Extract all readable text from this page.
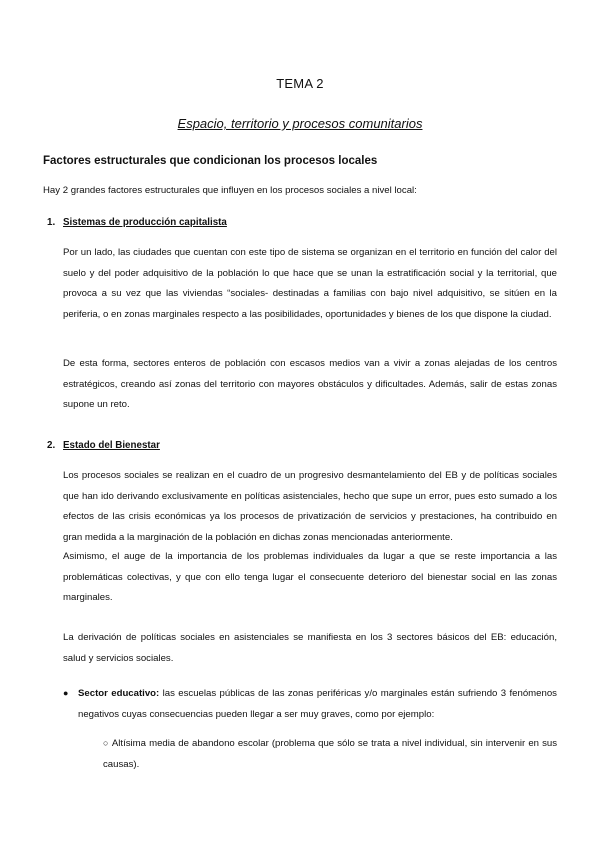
TEMA 2
Espacio, territorio y procesos comunitarios
Factores estructurales que condicionan los procesos locales
Hay 2 grandes factores estructurales que influyen en los procesos sociales a nivel local:
1. Sistemas de producción capitalista
Por un lado, las ciudades que cuentan con este tipo de sistema se organizan en el territorio en función del calor del suelo y del poder adquisitivo de la población lo que hace que se unan la estratificación social y la territorial, que provoca a su vez que las viviendas “sociales- destinadas a familias con bajo nivel adquisitivo, se sitúen en la periferia, o en zonas marginales respecto a las posibilidades, oportunidades y bienes de los que dispone la ciudad.
De esta forma, sectores enteros de población con escasos medios van a vivir a zonas alejadas de los centros estratégicos, creando así zonas del territorio con mayores obstáculos y dificultades. Además, salir de estas zonas supone un reto.
2. Estado del Bienestar
Los procesos sociales se realizan en el cuadro de un progresivo desmantelamiento del EB y de políticas sociales que han ido derivando exclusivamente en políticas asistenciales, hecho que supe un error, pues esto sumado a los efectos de las crisis económicas ya los procesos de privatización de servicios y prestaciones, ha contribuido en gran medida a la marginación de la población en dichas zonas mencionadas anteriormente.
Asimismo, el auge de la importancia de los problemas individuales da lugar a que se reste importancia a las problemáticas colectivas, y que con ello tenga lugar el consecuente deterioro del bienestar social en las zonas marginales.
La derivación de políticas sociales en asistenciales se manifiesta en los 3 sectores básicos del EB: educación, salud y servicios sociales.
● Sector educativo: las escuelas públicas de las zonas periféricas y/o marginales están sufriendo 3 fenómenos negativos cuyas consecuencias pueden llegar a ser muy graves, como por ejemplo:
○ Altísima media de abandono escolar (problema que sólo se trata a nivel individual, sin intervenir en sus causas).
